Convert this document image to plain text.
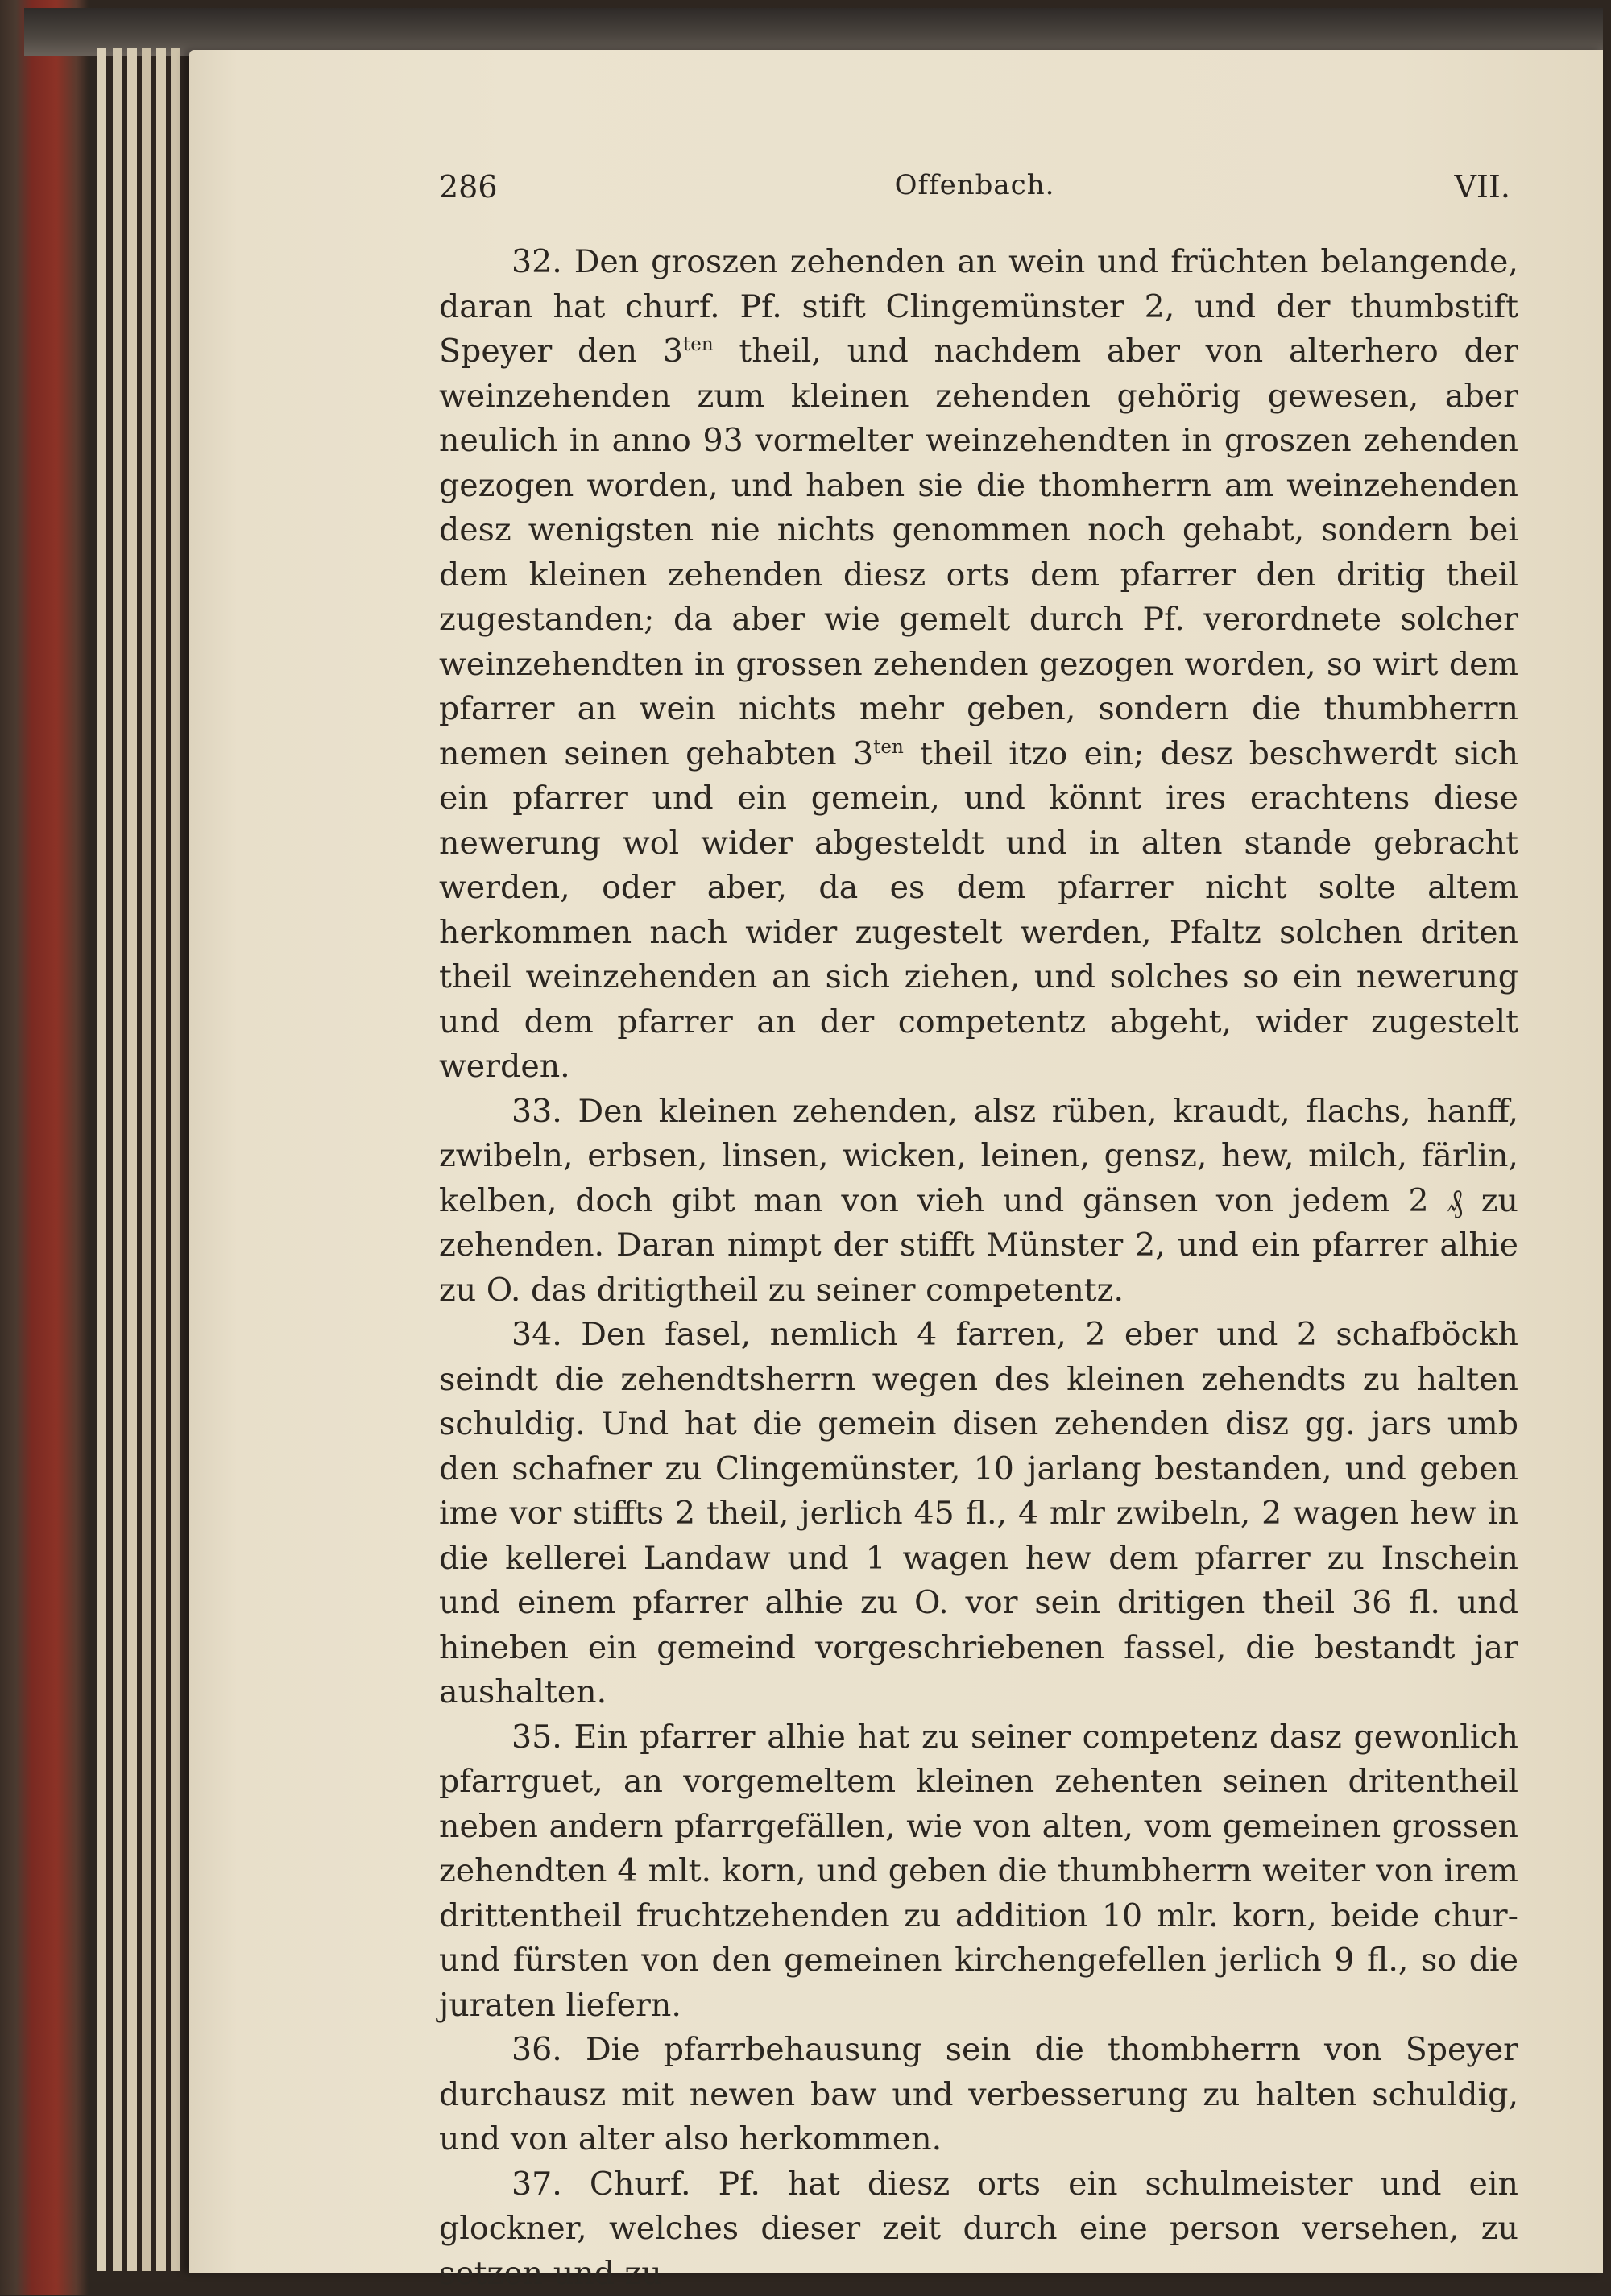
286	Offenbach.	VII.

32. Den groszen zehenden an wein und früchten belangende, daran hat churf. Pf. stift Clingemünster 2, und der thumbstift Speyer den $3^{ten}$ theil, und nachdem aber von alterhero der weinzehenden zum kleinen zehenden gehörig gewesen, aber neulich in anno 93 vormelter weinzehendten in groszen zehenden gezogen worden, und haben sie die thomherrn am weinzehenden desz wenigsten nie nichts genommen noch gehabt, sondern bei dem kleinen zehenden diesz orts dem pfarrer den dritig theil zugestanden; da aber wie gemelt durch Pf. verordnete solcher weinzehendten in grossen zehenden gezogen worden, so wirt dem pfarrer an wein nichts mehr geben, sondern die thumbherrn nemen seinen gehabten $3^{ten}$ theil itzo ein; desz beschwerdt sich ein pfarrer und ein gemein, und könnt ires erachtens diese newerung wol wider abgesteldt und in alten stande gebracht werden, oder aber, da es dem pfarrer nicht solte altem herkommen nach wider zugestelt werden, Pfaltz solchen driten theil weinzehenden an sich ziehen, und solches so ein newerung und dem pfarrer an der competentz abgeht, wider zugestelt werden.

33. Den kleinen zehenden, alsz rüben, kraudt, flachs, hanff, zwibeln, erbsen, linsen, wicken, leinen, gensz, hew, milch, färlin, kelben, doch gibt man von vieh und gänsen von jedem 2 ₰ zu zehenden. Daran nimpt der stifft Münster 2, und ein pfarrer alhie zu O. das dritigtheil zu seiner competentz.

34. Den fasel, nemlich 4 farren, 2 eber und 2 schafböckh seindt die zehendtsherrn wegen des kleinen zehendts zu halten schuldig. Und hat die gemein disen zehenden disz gg. jars umb den schafner zu Clingemünster, 10 jarlang bestanden, und geben ime vor stiffts 2 theil, jerlich 45 fl., 4 mlr zwibeln, 2 wagen hew in die kellerei Landaw und 1 wagen hew dem pfarrer zu Inschein und einem pfarrer alhie zu O. vor sein dritigen theil 36 fl. und hineben ein gemeind vorgeschriebenen fassel, die bestandt jar aushalten.

35. Ein pfarrer alhie hat zu seiner competenz dasz gewonlich pfarrguet, an vorgemeltem kleinen zehenten seinen dritentheil neben andern pfarrgefällen, wie von alten, vom gemeinen grossen zehendten 4 mlt. korn, und geben die thumbherrn weiter von irem drittentheil fruchtzehenden zu addition 10 mlr. korn, beide chur- und fürsten von den gemeinen kirchengefellen jerlich 9 fl., so die juraten liefern.

36. Die pfarrbehausung sein die thombherrn von Speyer durchausz mit newen baw und verbesserung zu halten schuldig, und von alter also herkommen.

37. Churf. Pf. hat diesz orts ein schulmeister und ein glockner, welches dieser zeit durch eine person versehen, zu setzen und zu
